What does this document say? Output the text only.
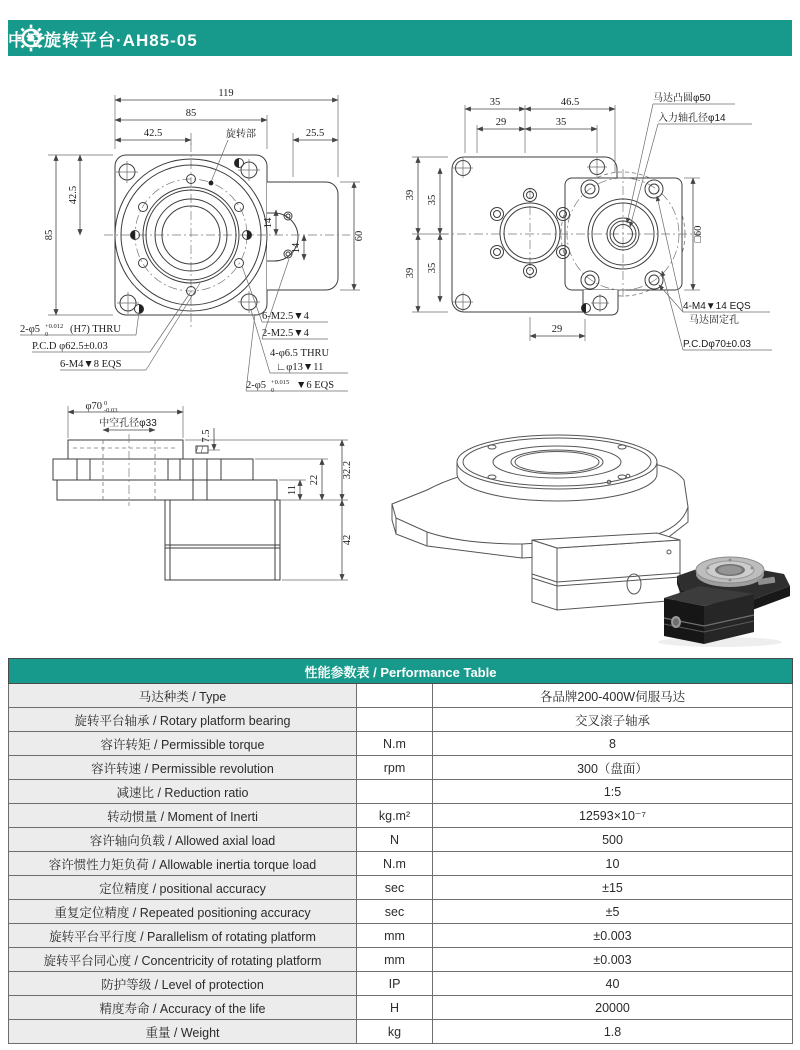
中空旋转平台·AH85-05
119
85
42.5	25.5
85
42.5
60
14
14
旋转部
2-φ5 +0.012
0 (H7) THRU
P.C.D φ62.5±0.03
6-M4▼8 EQS
6-M2.5▼4
2-M2.5▼4
4-φ6.5 THRU
∟φ13▼11
2-φ5 +0.015
0 ▼6 EQS
35	46.5
29	35
39
39
35
35
29
□60
马达凸圆φ50
入力轴孔径φ14
4-M4▼14 EQS
马达固定孔
P.C.Dφ70±0.03
φ70 0
-0.03
中空孔径φ33
7.5
32.2
22
11
42
性能参数表 / Performance Table		
马达种类 / Type		各品牌200-400W伺服马达
旋转平台轴承 / Rotary platform bearing		交叉滚子轴承
容许转矩 / Permissible torque	N.m	8
容许转速 / Permissible revolution	rpm	300（盘面）
减速比 / Reduction ratio		1:5
转动惯量 / Moment of Inerti	kg.m²	12593×10⁻⁷
容许轴向负载 / Allowed axial load	N	500
容许惯性力矩负荷 / Allowable inertia torque load	N.m	10
定位精度 / positional accuracy	sec	±15
重复定位精度 / Repeated positioning accuracy	sec	±5
旋转平台平行度 / Parallelism of rotating platform	mm	±0.003
旋转平台同心度 / Concentricity of rotating platform	mm	±0.003
防护等级 / Level of protection	IP	40
精度寿命 / Accuracy of the life	H	20000
重量 / Weight	kg	1.8
